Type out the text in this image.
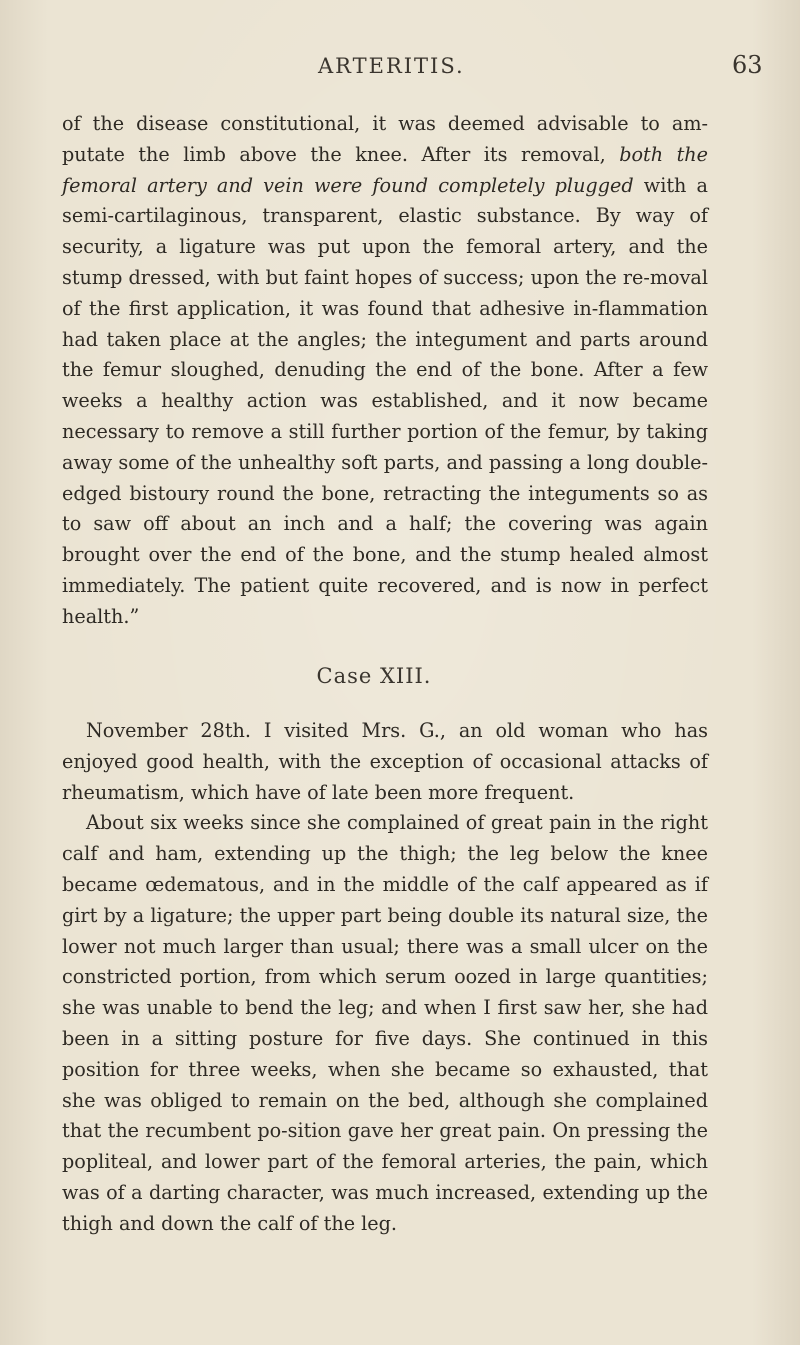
ARTERITIS.	63

of the disease constitutional, it was deemed advisable to am-putate the limb above the knee. After its removal, both the femoral artery and vein were found completely plugged with a semi-cartilaginous, transparent, elastic substance. By way of security, a ligature was put upon the femoral artery, and the stump dressed, with but faint hopes of success; upon the re-moval of the first application, it was found that adhesive in-flammation had taken place at the angles; the integument and parts around the femur sloughed, denuding the end of the bone. After a few weeks a healthy action was established, and it now became necessary to remove a still further portion of the femur, by taking away some of the unhealthy soft parts, and passing a long double-edged bistoury round the bone, retracting the integuments so as to saw off about an inch and a half; the covering was again brought over the end of the bone, and the stump healed almost immediately. The patient quite recovered, and is now in perfect health.”

Case XIII.

November 28th. I visited Mrs. G., an old woman who has enjoyed good health, with the exception of occasional attacks of rheumatism, which have of late been more frequent.

About six weeks since she complained of great pain in the right calf and ham, extending up the thigh; the leg below the knee became œdematous, and in the middle of the calf appeared as if girt by a ligature; the upper part being double its natural size, the lower not much larger than usual; there was a small ulcer on the constricted portion, from which serum oozed in large quantities; she was unable to bend the leg; and when I first saw her, she had been in a sitting posture for five days. She continued in this position for three weeks, when she became so exhausted, that she was obliged to remain on the bed, although she complained that the recumbent po-sition gave her great pain. On pressing the popliteal, and lower part of the femoral arteries, the pain, which was of a darting character, was much increased, extending up the thigh and down the calf of the leg.
